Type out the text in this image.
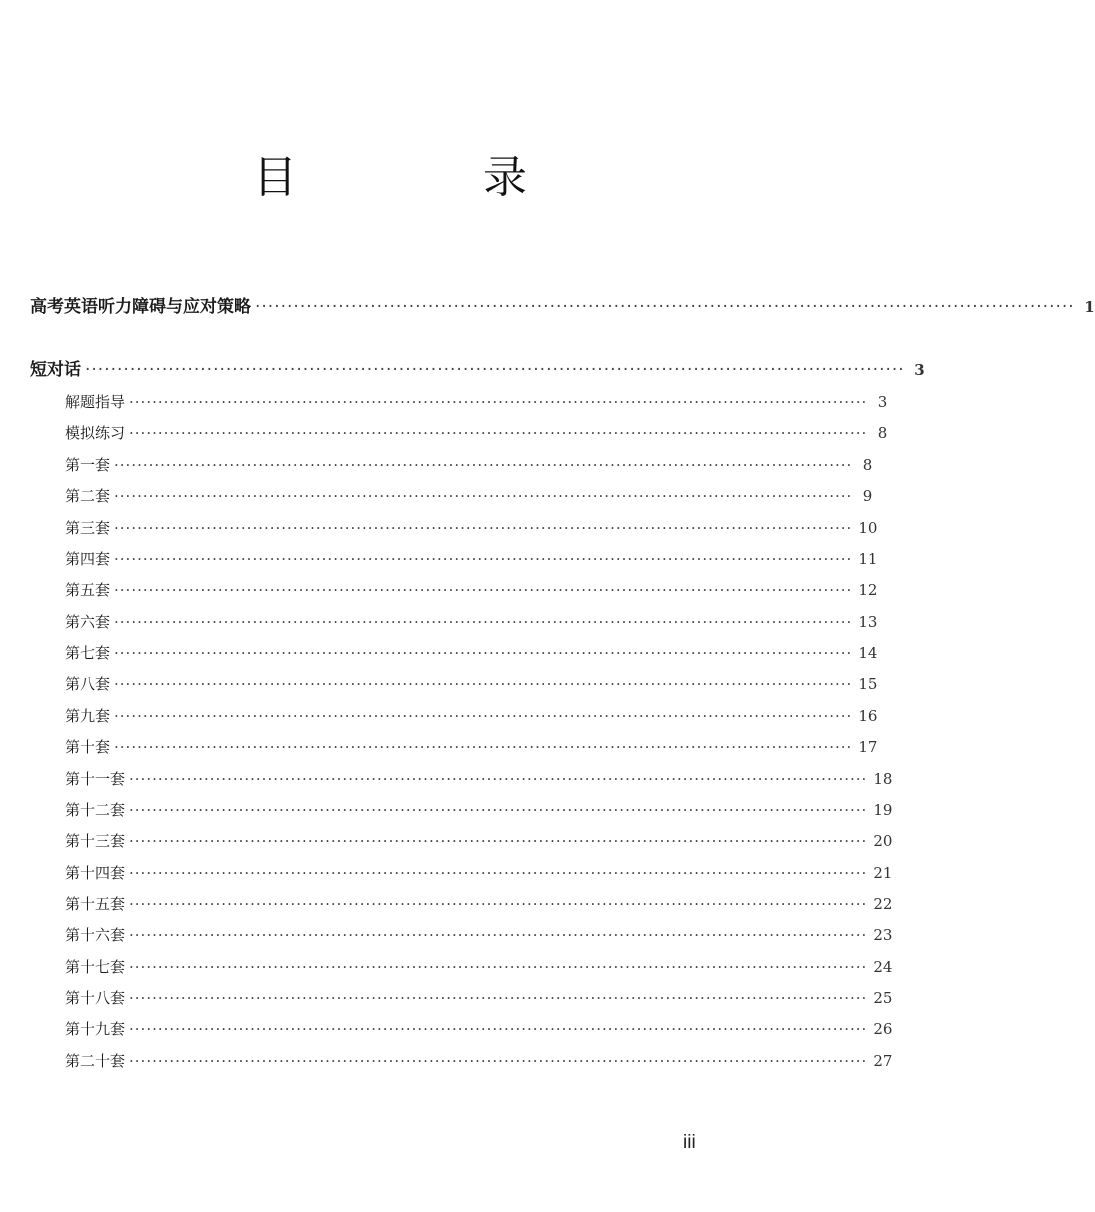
目 录
高考英语听力障碍与应对策略 ································································································································ 1
短对话 ································································································································ 3
解题指导 ································································································································ 3
模拟练习 ································································································································ 8
第一套 ································································································································ 8
第二套 ································································································································ 9
第三套 ································································································································ 10
第四套 ································································································································ 11
第五套 ································································································································ 12
第六套 ································································································································ 13
第七套 ································································································································ 14
第八套 ································································································································ 15
第九套 ································································································································ 16
第十套 ································································································································ 17
第十一套 ································································································································ 18
第十二套 ································································································································ 19
第十三套 ································································································································ 20
第十四套 ································································································································ 21
第十五套 ································································································································ 22
第十六套 ································································································································ 23
第十七套 ································································································································ 24
第十八套 ································································································································ 25
第十九套 ································································································································ 26
第二十套 ································································································································ 27
iii
